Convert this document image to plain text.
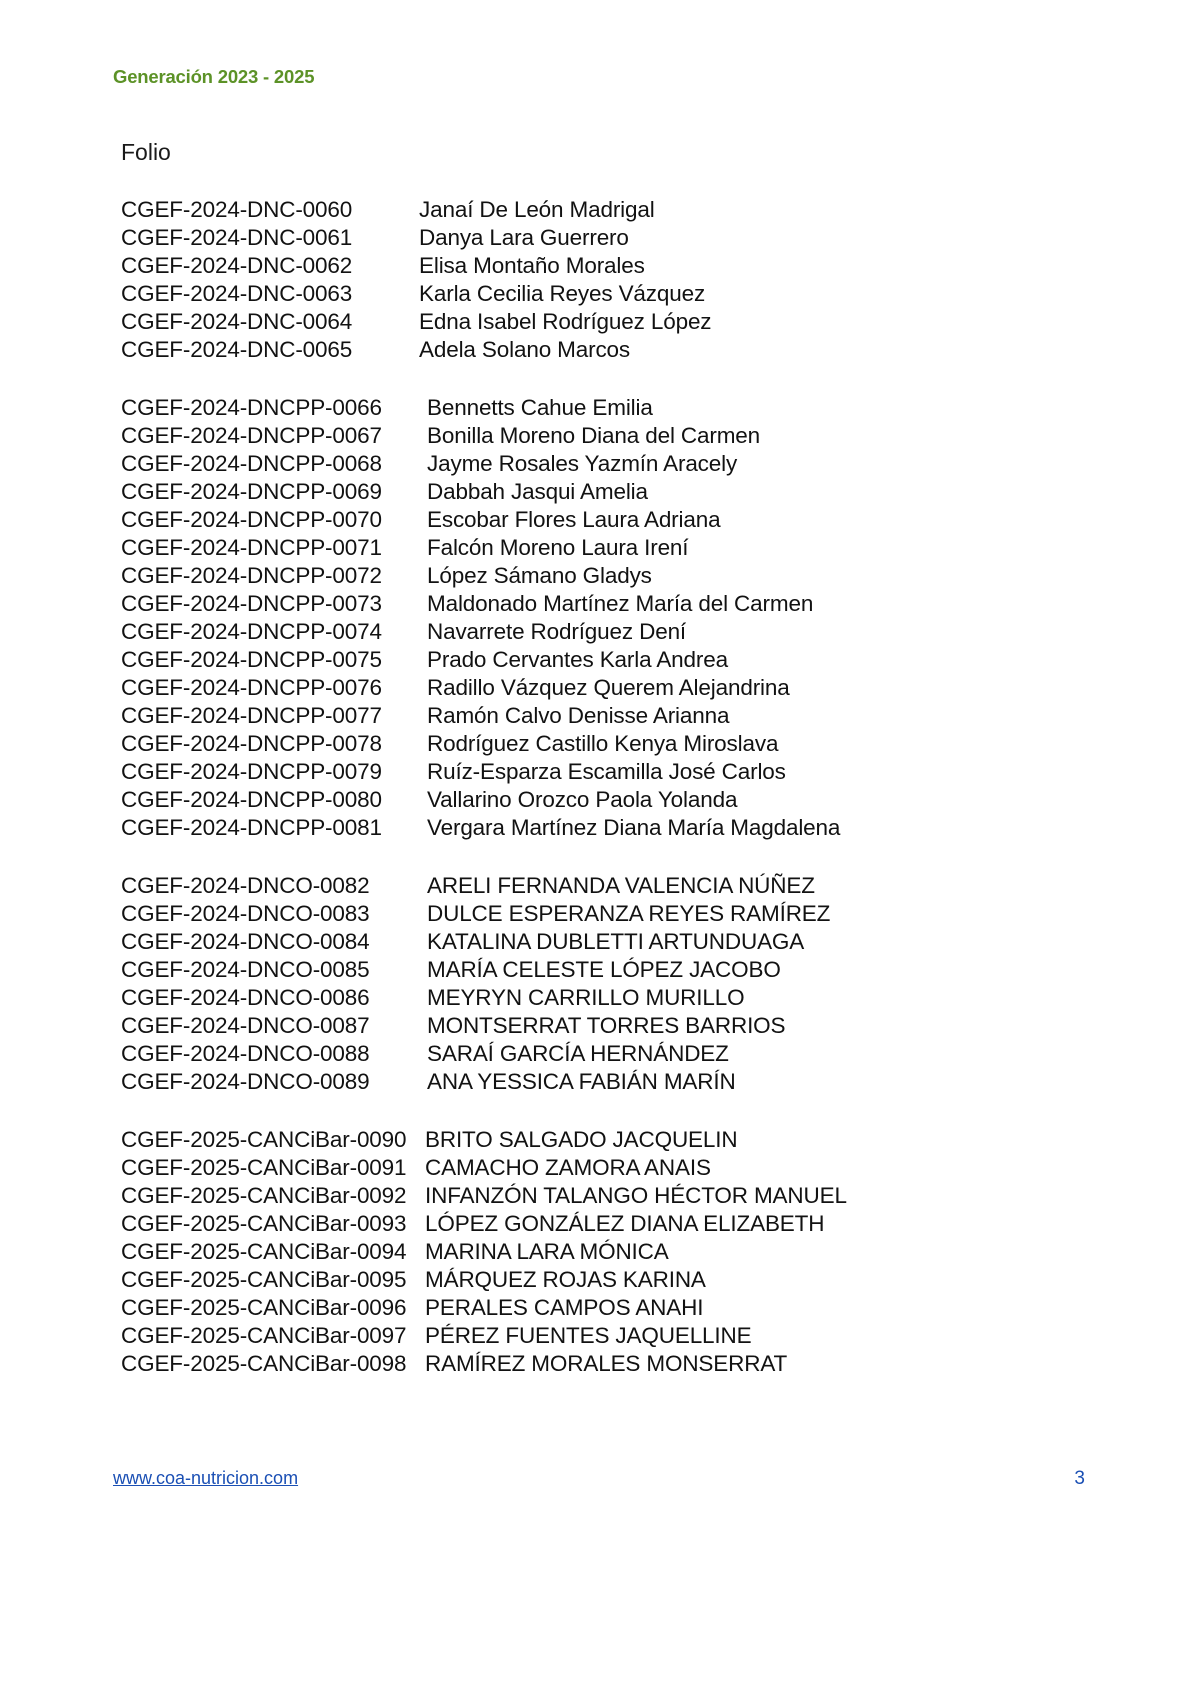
Generación 2023 - 2025
Folio
CGEF-2024-DNC-0060	Janaí De León Madrigal
CGEF-2024-DNC-0061	Danya Lara Guerrero
CGEF-2024-DNC-0062	Elisa Montaño Morales
CGEF-2024-DNC-0063	Karla Cecilia Reyes Vázquez
CGEF-2024-DNC-0064	Edna Isabel Rodríguez López
CGEF-2024-DNC-0065	Adela Solano Marcos
CGEF-2024-DNCPP-0066	Bennetts Cahue Emilia
CGEF-2024-DNCPP-0067	Bonilla Moreno Diana del Carmen
CGEF-2024-DNCPP-0068	Jayme Rosales Yazmín Aracely
CGEF-2024-DNCPP-0069	Dabbah Jasqui Amelia
CGEF-2024-DNCPP-0070	Escobar Flores Laura Adriana
CGEF-2024-DNCPP-0071	Falcón Moreno Laura Irení
CGEF-2024-DNCPP-0072	López Sámano Gladys
CGEF-2024-DNCPP-0073	Maldonado Martínez María del Carmen
CGEF-2024-DNCPP-0074	Navarrete Rodríguez Dení
CGEF-2024-DNCPP-0075	Prado Cervantes Karla Andrea
CGEF-2024-DNCPP-0076	Radillo Vázquez Querem Alejandrina
CGEF-2024-DNCPP-0077	Ramón Calvo Denisse Arianna
CGEF-2024-DNCPP-0078	Rodríguez Castillo Kenya Miroslava
CGEF-2024-DNCPP-0079	Ruíz-Esparza Escamilla José Carlos
CGEF-2024-DNCPP-0080	Vallarino Orozco Paola Yolanda
CGEF-2024-DNCPP-0081	Vergara Martínez Diana María Magdalena
CGEF-2024-DNCO-0082	ARELI FERNANDA VALENCIA NÚÑEZ
CGEF-2024-DNCO-0083	DULCE ESPERANZA REYES RAMÍREZ
CGEF-2024-DNCO-0084	KATALINA DUBLETTI ARTUNDUAGA
CGEF-2024-DNCO-0085	MARÍA CELESTE LÓPEZ JACOBO
CGEF-2024-DNCO-0086	MEYRYN CARRILLO MURILLO
CGEF-2024-DNCO-0087	MONTSERRAT TORRES BARRIOS
CGEF-2024-DNCO-0088	SARAÍ GARCÍA HERNÁNDEZ
CGEF-2024-DNCO-0089	ANA YESSICA FABIÁN MARÍN
CGEF-2025-CANCiBar-0090 BRITO SALGADO JACQUELIN
CGEF-2025-CANCiBar-0091 CAMACHO ZAMORA ANAIS
CGEF-2025-CANCiBar-0092 INFANZÓN TALANGO HÉCTOR MANUEL
CGEF-2025-CANCiBar-0093 LÓPEZ GONZÁLEZ DIANA ELIZABETH
CGEF-2025-CANCiBar-0094 MARINA LARA MÓNICA
CGEF-2025-CANCiBar-0095 MÁRQUEZ ROJAS KARINA
CGEF-2025-CANCiBar-0096 PERALES CAMPOS ANAHI
CGEF-2025-CANCiBar-0097 PÉREZ FUENTES JAQUELLINE
CGEF-2025-CANCiBar-0098 RAMÍREZ MORALES MONSERRAT
www.coa-nutricion.com	3
